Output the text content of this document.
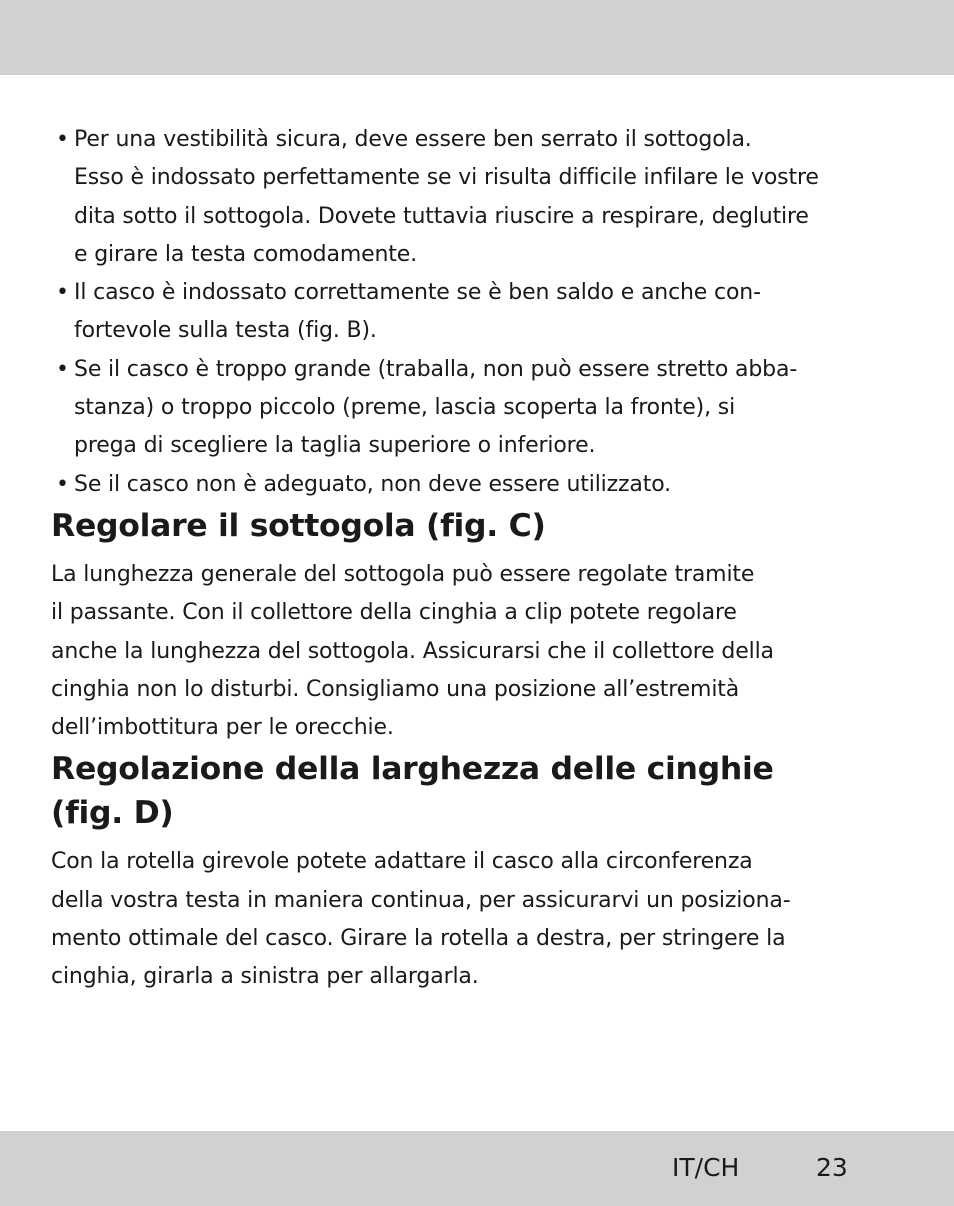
• Per una vestibilità sicura, deve essere ben serrato il sottogola.
Esso è indossato perfettamente se vi risulta difficile infilare le vostre
dita sotto il sottogola. Dovete tuttavia riuscire a respirare, deglutire
e girare la testa comodamente.
• Il casco è indossato correttamente se è ben saldo e anche con-
fortevole sulla testa (fig. B).
• Se il casco è troppo grande (traballa, non può essere stretto abba-
stanza) o troppo piccolo (preme, lascia scoperta la fronte), si
prega di scegliere la taglia superiore o inferiore.
• Se il casco non è adeguato, non deve essere utilizzato.
Regolare il sottogola (fig. C)

La lunghezza generale del sottogola può essere regolate tramite
il passante. Con il collettore della cinghia a clip potete regolare
anche la lunghezza del sottogola. Assicurarsi che il collettore della
cinghia non lo disturbi. Consigliamo una posizione all’estremità
dell’imbottitura per le orecchie.

Regolazione della larghezza delle cinghie
(fig. D)

Con la rotella girevole potete adattare il casco alla circonferenza
della vostra testa in maniera continua, per assicurarvi un posiziona-
mento ottimale del casco. Girare la rotella a destra, per stringere la
cinghia, girarla a sinistra per allargarla.

IT/CH	23
